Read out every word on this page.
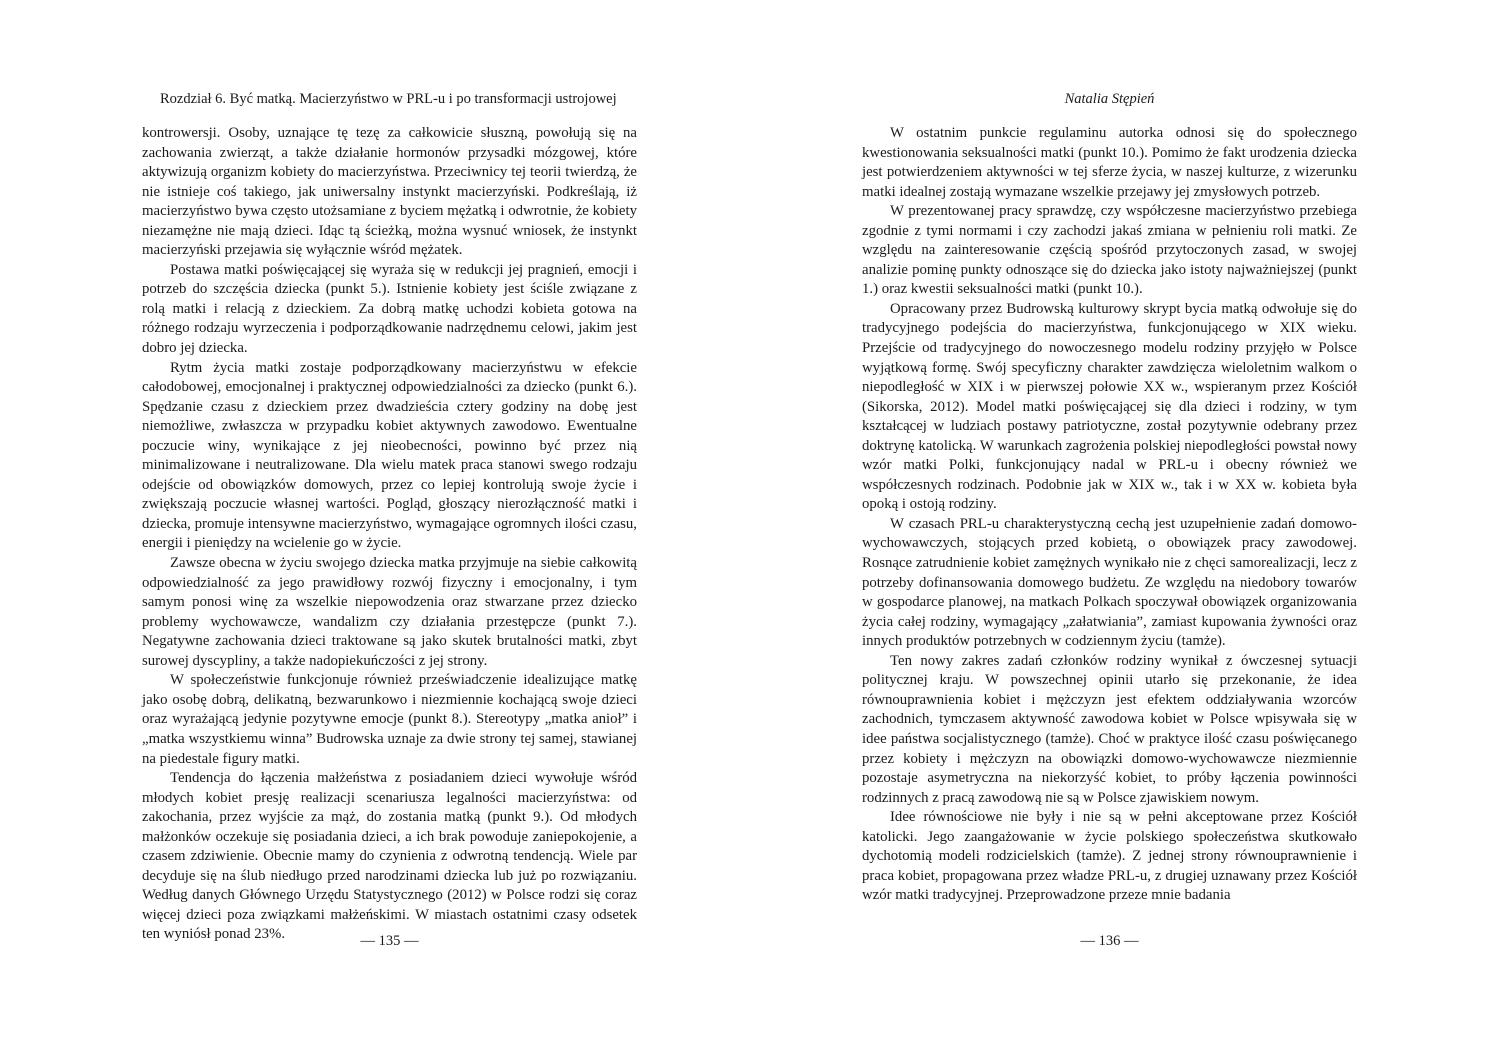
Rozdział 6. Być matką. Macierzyństwo w PRL-u i po transformacji ustrojowej

kontrowersji. Osoby, uznające tę tezę za całkowicie słuszną, powołują się na zachowania zwierząt, a także działanie hormonów przysadki mózgowej, które aktywizują organizm kobiety do macierzyństwa. Przeciwnicy tej teorii twierdzą, że nie istnieje coś takiego, jak uniwersalny instynkt macierzyński. Podkreślają, iż macierzyństwo bywa często utożsamiane z byciem mężatką i odwrotnie, że kobiety niezamężne nie mają dzieci. Idąc tą ścieżką, można wysnuć wniosek, że instynkt macierzyński przejawia się wyłącznie wśród mężatek.

Postawa matki poświęcającej się wyraża się w redukcji jej pragnień, emocji i potrzeb do szczęścia dziecka (punkt 5.). Istnienie kobiety jest ściśle związane z rolą matki i relacją z dzieckiem. Za dobrą matkę uchodzi kobieta gotowa na różnego rodzaju wyrzeczenia i podporządkowanie nadrzędnemu celowi, jakim jest dobro jej dziecka.

Rytm życia matki zostaje podporządkowany macierzyństwu w efekcie całodobowej, emocjonalnej i praktycznej odpowiedzialności za dziecko (punkt 6.). Spędzanie czasu z dzieckiem przez dwadzieścia cztery godziny na dobę jest niemożliwe, zwłaszcza w przypadku kobiet aktywnych zawodowo. Ewentualne poczucie winy, wynikające z jej nieobecności, powinno być przez nią minimalizowane i neutralizowane. Dla wielu matek praca stanowi swego rodzaju odejście od obowiązków domowych, przez co lepiej kontrolują swoje życie i zwiększają poczucie własnej wartości. Pogląd, głoszący nierozłączność matki i dziecka, promuje intensywne macierzyństwo, wymagające ogromnych ilości czasu, energii i pieniędzy na wcielenie go w życie.

Zawsze obecna w życiu swojego dziecka matka przyjmuje na siebie całkowitą odpowiedzialność za jego prawidłowy rozwój fizyczny i emocjonalny, i tym samym ponosi winę za wszelkie niepowodzenia oraz stwarzane przez dziecko problemy wychowawcze, wandalizm czy działania przestępcze (punkt 7.). Negatywne zachowania dzieci traktowane są jako skutek brutalności matki, zbyt surowej dyscypliny, a także nadopiekuńczości z jej strony.

W społeczeństwie funkcjonuje również przeświadczenie idealizujące matkę jako osobę dobrą, delikatną, bezwarunkowo i niezmiennie kochającą swoje dzieci oraz wyrażającą jedynie pozytywne emocje (punkt 8.). Stereotypy „matka anioł” i „matka wszystkiemu winna” Budrowska uznaje za dwie strony tej samej, stawianej na piedestale figury matki.

Tendencja do łączenia małżeństwa z posiadaniem dzieci wywołuje wśród młodych kobiet presję realizacji scenariusza legalności macierzyństwa: od zakochania, przez wyjście za mąż, do zostania matką (punkt 9.). Od młodych małżonków oczekuje się posiadania dzieci, a ich brak powoduje zaniepokojenie, a czasem zdziwienie. Obecnie mamy do czynienia z odwrotną tendencją. Wiele par decyduje się na ślub niedługo przed narodzinami dziecka lub już po rozwiązaniu. Według danych Głównego Urzędu Statystycznego (2012) w Polsce rodzi się coraz więcej dzieci poza związkami małżeńskimi. W miastach ostatnimi czasy odsetek ten wyniósł ponad 23%.	— 135 —
Natalia Stępień

W ostatnim punkcie regulaminu autorka odnosi się do społecznego kwestionowania seksualności matki (punkt 10.). Pomimo że fakt urodzenia dziecka jest potwierdzeniem aktywności w tej sferze życia, w naszej kulturze, z wizerunku matki idealnej zostają wymazane wszelkie przejawy jej zmysłowych potrzeb.

W prezentowanej pracy sprawdzę, czy współczesne macierzyństwo przebiega zgodnie z tymi normami i czy zachodzi jakaś zmiana w pełnieniu roli matki. Ze względu na zainteresowanie częścią spośród przytoczonych zasad, w swojej analizie pominę punkty odnoszące się do dziecka jako istoty najważniejszej (punkt 1.) oraz kwestii seksualności matki (punkt 10.).

Opracowany przez Budrowską kulturowy skrypt bycia matką odwołuje się do tradycyjnego podejścia do macierzyństwa, funkcjonującego w XIX wieku. Przejście od tradycyjnego do nowoczesnego modelu rodziny przyjęło w Polsce wyjątkową formę. Swój specyficzny charakter zawdzięcza wieloletnim walkom o niepodległość w XIX i w pierwszej połowie XX w., wspieranym przez Kościół (Sikorska, 2012). Model matki poświęcającej się dla dzieci i rodziny, w tym kształcącej w ludziach postawy patriotyczne, został pozytywnie odebrany przez doktrynę katolicką. W warunkach zagrożenia polskiej niepodległości powstał nowy wzór matki Polki, funkcjonujący nadal w PRL-u i obecny również we współczesnych rodzinach. Podobnie jak w XIX w., tak i w XX w. kobieta była opoką i ostoją rodziny.

W czasach PRL-u charakterystyczną cechą jest uzupełnienie zadań domowo-wychowawczych, stojących przed kobietą, o obowiązek pracy zawodowej. Rosnące zatrudnienie kobiet zamężnych wynikało nie z chęci samorealizacji, lecz z potrzeby dofinansowania domowego budżetu. Ze względu na niedobory towarów w gospodarce planowej, na matkach Polkach spoczywał obowiązek organizowania życia całej rodziny, wymagający „załatwiania”, zamiast kupowania żywności oraz innych produktów potrzebnych w codziennym życiu (tamże).

Ten nowy zakres zadań członków rodziny wynikał z ówczesnej sytuacji politycznej kraju. W powszechnej opinii utarło się przekonanie, że idea równouprawnienia kobiet i mężczyzn jest efektem oddziaływania wzorców zachodnich, tymczasem aktywność zawodowa kobiet w Polsce wpisywała się w idee państwa socjalistycznego (tamże). Choć w praktyce ilość czasu poświęcanego przez kobiety i mężczyzn na obowiązki domowo-wychowawcze niezmiennie pozostaje asymetryczna na niekorzyść kobiet, to próby łączenia powinności rodzinnych z pracą zawodową nie są w Polsce zjawiskiem nowym.

Idee równościowe nie były i nie są w pełni akceptowane przez Kościół katolicki. Jego zaangażowanie w życie polskiego społeczeństwa skutkowało dychotomią modeli rodzicielskich (tamże). Z jednej strony równouprawnienie i praca kobiet, propagowana przez władze PRL-u, z drugiej uznawany przez Kościół wzór matki tradycyjnej. Przeprowadzone przeze mnie badania

— 136 —
